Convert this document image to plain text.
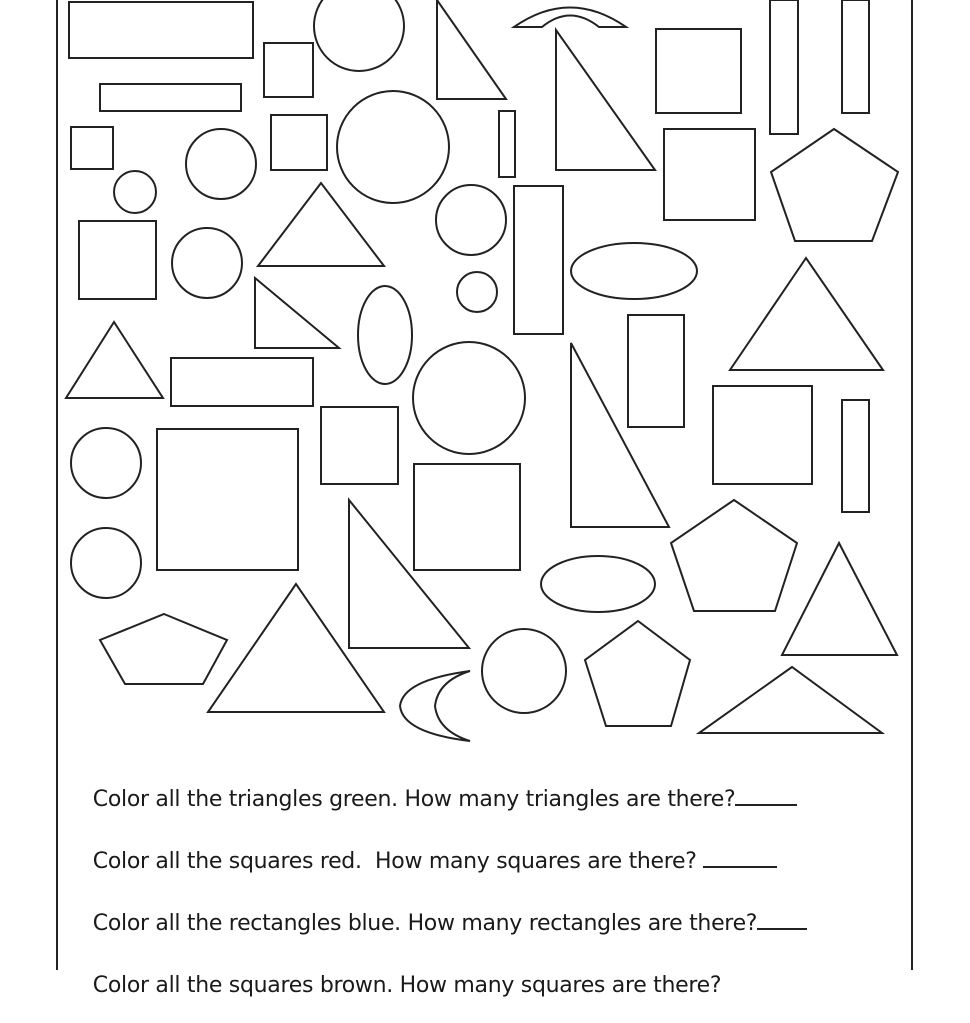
Color all the triangles green. How many triangles are there?

Color all the squares red.  How many squares are there?

Color all the rectangles blue. How many rectangles are there?

Color all the squares brown. How many squares are there?
